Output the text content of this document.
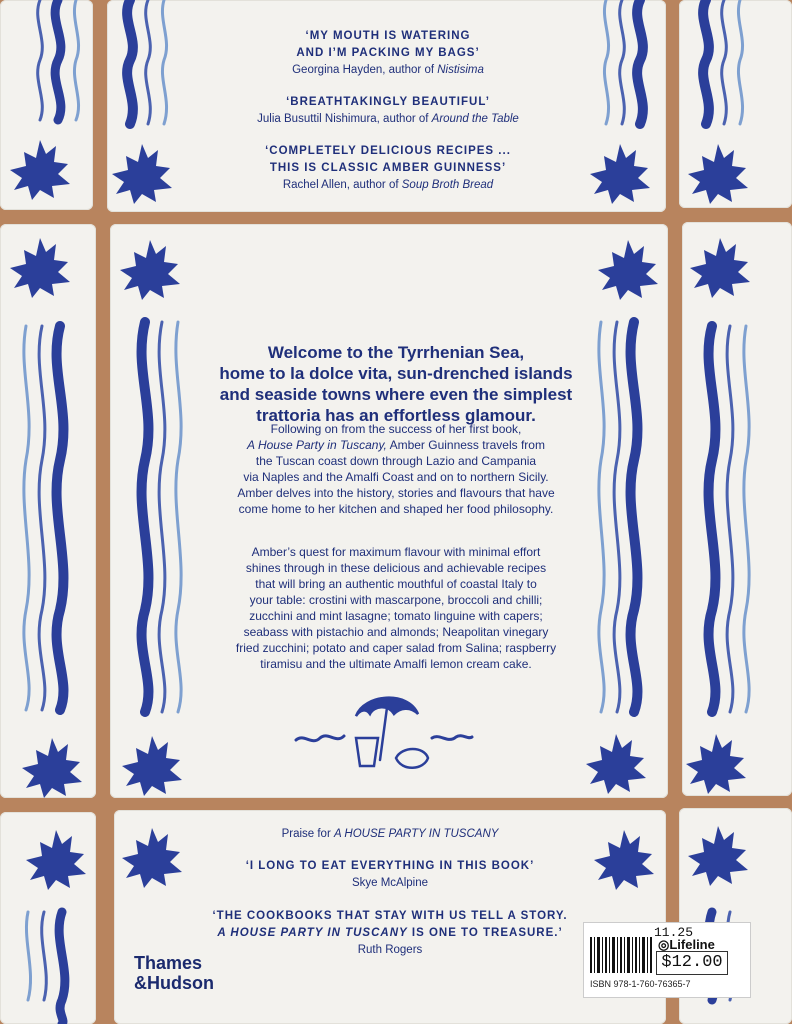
‘MY MOUTH IS WATERING
AND I’M PACKING MY BAGS’
Georgina Hayden, author of Nistisima
‘BREATHTAKINGLY BEAUTIFUL’
Julia Busuttil Nishimura, author of Around the Table
‘COMPLETELY DELICIOUS RECIPES ...
THIS IS CLASSIC AMBER GUINNESS’
Rachel Allen, author of Soup Broth Bread
Welcome to the Tyrrhenian Sea,
home to la dolce vita, sun-drenched islands
and seaside towns where even the simplest
trattoria has an effortless glamour.
Following on from the success of her first book,
A House Party in Tuscany, Amber Guinness travels from
the Tuscan coast down through Lazio and Campania
via Naples and the Amalfi Coast and on to northern Sicily.
Amber delves into the history, stories and flavours that have
come home to her kitchen and shaped her food philosophy.
Amber’s quest for maximum flavour with minimal effort
shines through in these delicious and achievable recipes
that will bring an authentic mouthful of coastal Italy to
your table: crostini with mascarpone, broccoli and chilli;
zucchini and mint lasagne; tomato linguine with capers;
seabass with pistachio and almonds; Neapolitan vinegary
fried zucchini; potato and caper salad from Salina; raspberry
tiramisu and the ultimate Amalfi lemon cream cake.
Praise for A HOUSE PARTY IN TUSCANY
‘I LONG TO EAT EVERYTHING IN THIS BOOK’
Skye McAlpine
‘THE COOKBOOKS THAT STAY WITH US TELL A STORY.
A HOUSE PARTY IN TUSCANY IS ONE TO TREASURE.’
Ruth Rogers
Thames
&Hudson
11.25
◎Lifeline
$12.00
ISBN 978-1-760-76365-7
